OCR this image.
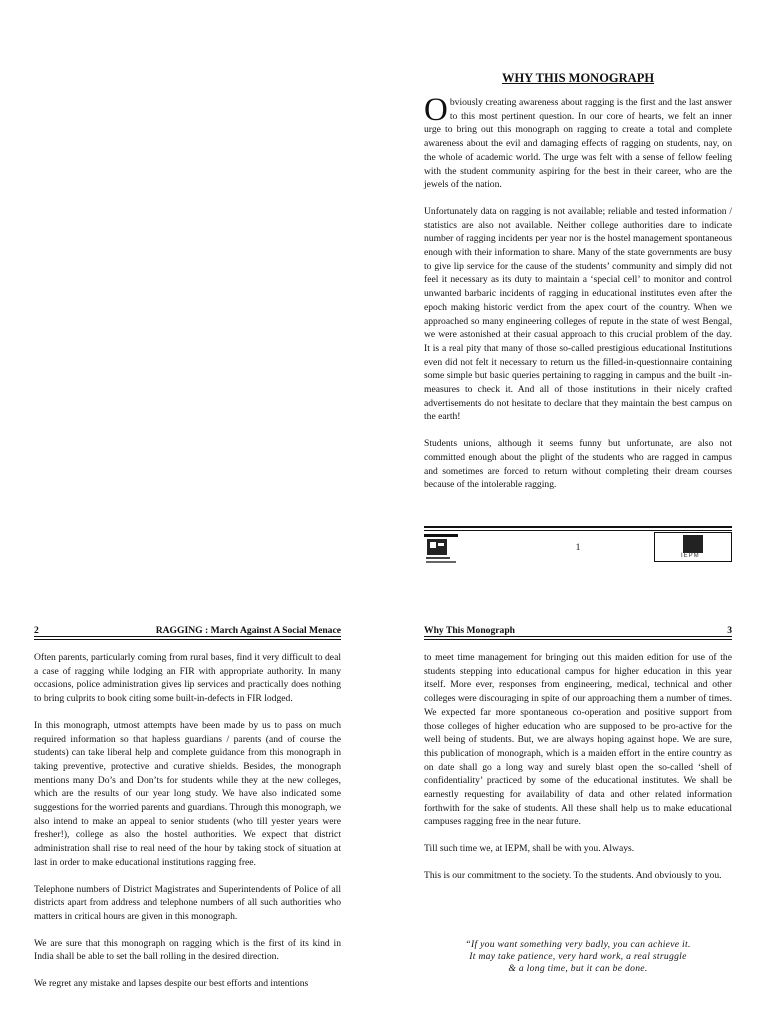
WHY THIS MONOGRAPH

Obviously creating awareness about ragging is the first and the last answer to this most pertinent question. In our core of hearts, we felt an inner urge to bring out this monograph on ragging to create a total and complete awareness about the evil and damaging effects of ragging on students, nay, on the whole of academic world. The urge was felt with a sense of fellow feeling with the student community aspiring for the best in their career, who are the jewels of the nation.

Unfortunately data on ragging is not available; reliable and tested information / statistics are also not available. Neither college authorities dare to indicate number of ragging incidents per year nor is the hostel management spontaneous enough with their information to share. Many of the state governments are busy to give lip service for the cause of the students’ community and simply did not feel it necessary as its duty to maintain a ‘special cell’ to monitor and control unwanted barbaric incidents of ragging in educational institutes even after the epoch making historic verdict from the apex court of the country. When we approached so many engineering colleges of repute in the state of west Bengal, we were astonished at their casual approach to this crucial problem of the day. It is a real pity that many of those so-called prestigious educational Institutions even did not felt it necessary to return us the filled-in-questionnaire containing some simple but basic queries pertaining to ragging in campus and the built -in-measures to check it. And all of those institutions in their nicely crafted advertisements do not hesitate to declare that they maintain the best campus on the earth!

Students unions, although it seems funny but unfortunate, are also not committed enough about the plight of the students who are ragged in campus and sometimes are forced to return without completing their dream courses because of the intolerable ragging.

1
IEPM
2	RAGGING : March Against A Social Menace

Often parents, particularly coming from rural bases, find it very difficult to deal a case of ragging while lodging an FIR with appropriate authority. In many occasions, police administration gives lip services and practically does nothing to bring culprits to book citing some built-in-defects in FIR lodged.

In this monograph, utmost attempts have been made by us to pass on much required information so that hapless guardians / parents (and of course the students) can take liberal help and complete guidance from this monograph in taking preventive, protective and curative shields. Besides, the monograph mentions many Do’s and Don’ts for students while they at the new colleges, which are the results of our year long study. We have also indicated some suggestions for the worried parents and guardians. Through this monograph, we also intend to make an appeal to senior students (who till yester years were fresher!), college as also the hostel authorities. We expect that district administration shall rise to real need of the hour by taking stock of situation at last in order to make educational institutions ragging free.

Telephone numbers of District Magistrates and Superintendents of Police of all districts apart from address and telephone numbers of all such authorities who matters in critical hours are given in this monograph.

We are sure that this monograph on ragging which is the first of its kind in India shall be able to set the ball rolling in the desired direction.

We regret any mistake and lapses despite our best efforts and intentions

Why This Monograph	3

to meet time management for bringing out this maiden edition for use of the students stepping into educational campus for higher education in this year itself. More ever, responses from engineering, medical, technical and other colleges were discouraging in spite of our approaching them a number of times. We expected far more spontaneous co-operation and positive support from those colleges of higher education who are supposed to be pro-active for the well being of students. But, we are always hoping against hope. We are sure, this publication of monograph, which is a maiden effort in the entire country as on date shall go a long way and surely blast open the so-called ‘shell of confidentiality’ practiced by some of the educational institutes. We shall be earnestly requesting for availability of data and other related information forthwith for the sake of students. All these shall help us to make educational campuses ragging free in the near future.

Till such time we, at IEPM, shall be with you. Always.

This is our commitment to the society. To the students. And obviously to you.

“If you want something very badly, you can achieve it.
It may take patience, very hard work, a real struggle
& a long time, but it can be done.
